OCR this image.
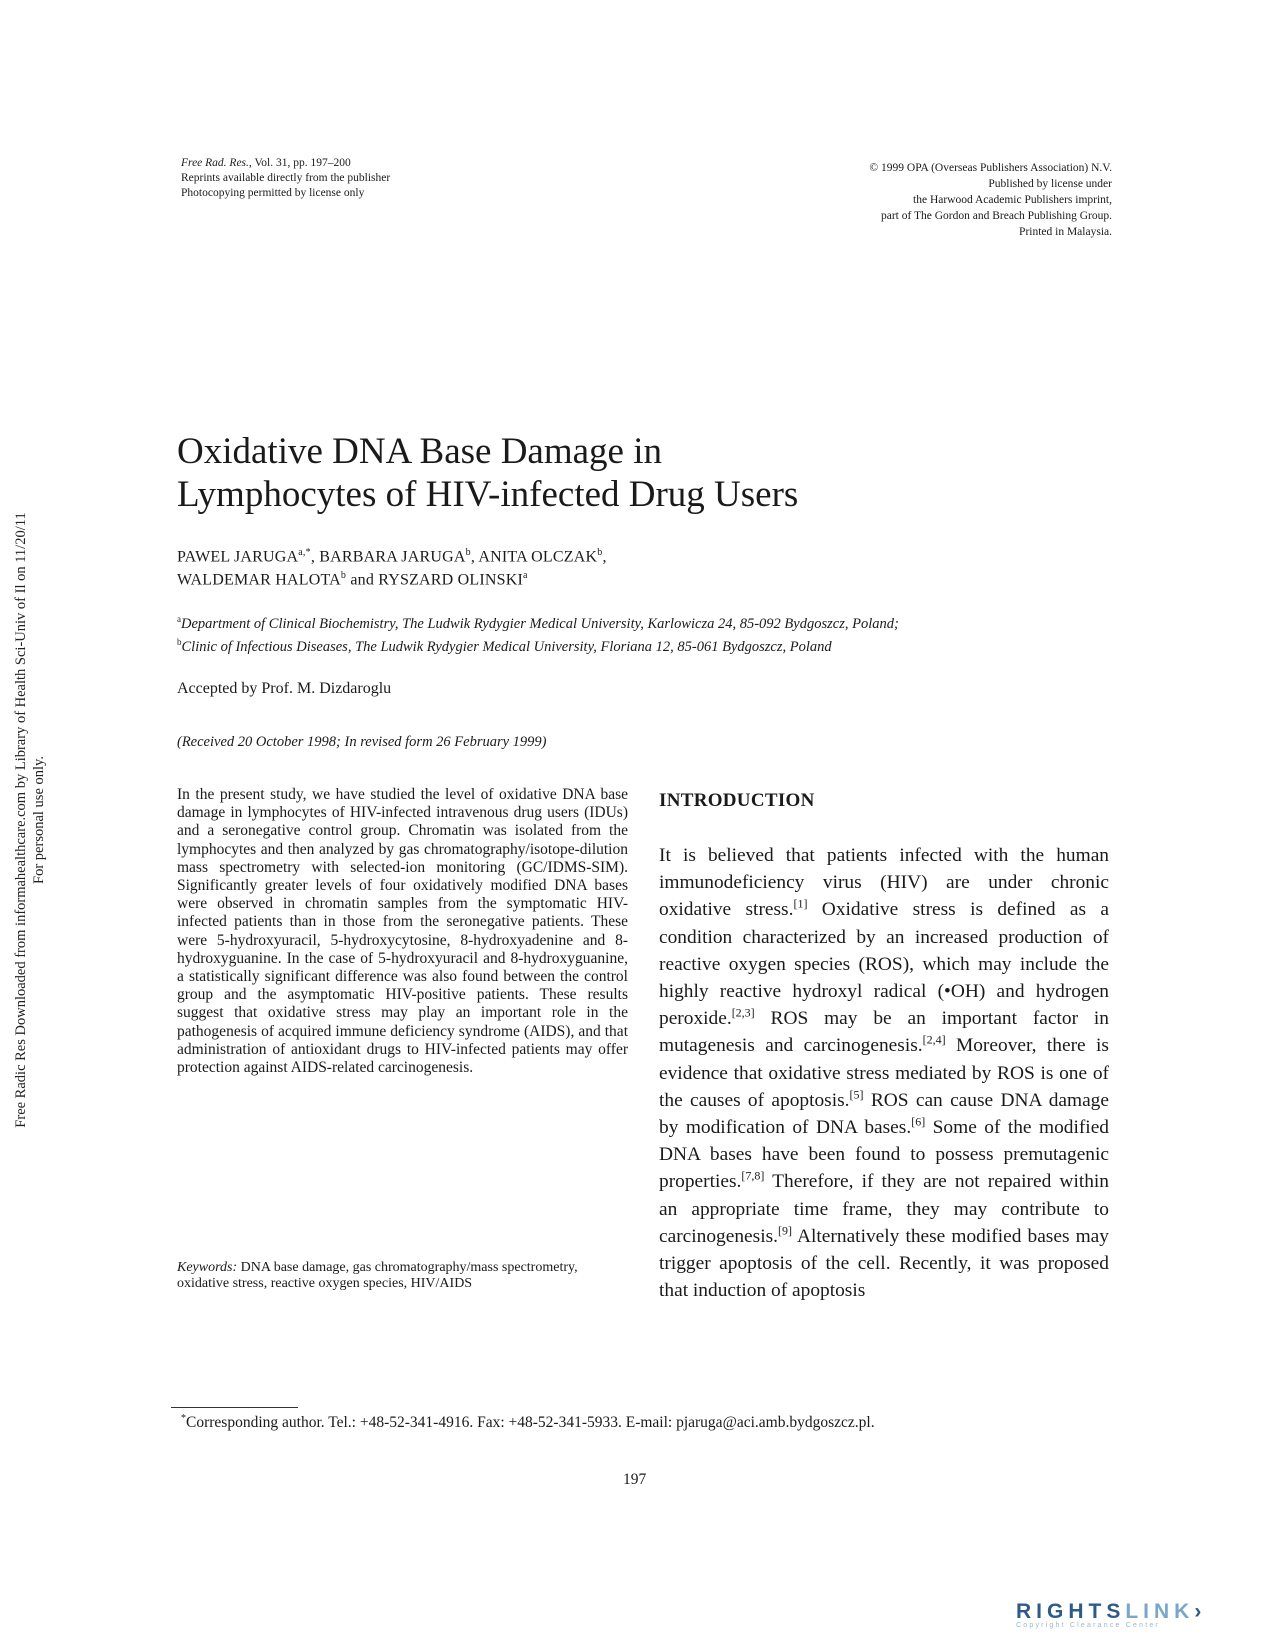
Free Rad. Res., Vol. 31, pp. 197–200
Reprints available directly from the publisher
Photocopying permitted by license only
© 1999 OPA (Overseas Publishers Association) N.V.
Published by license under
the Harwood Academic Publishers imprint,
part of The Gordon and Breach Publishing Group.
Printed in Malaysia.
Free Radic Res Downloaded from informahealthcare.com by Library of Health Sci-Univ of Il on 11/20/11 For personal use only.
Oxidative DNA Base Damage in
Lymphocytes of HIV-infected Drug Users
PAWEL $JARUGA^{a,*}$, BARBARA JARUGA$^b$, ANITA OLCZAK$^b$,
WALDEMAR HALOTA$^b$ and RYSZARD OLINSKI$^a$
$^a$Department of Clinical Biochemistry, The Ludwik Rydygier Medical University, Karlowicza 24, 85-092 Bydgoszcz, Poland;
$^b$Clinic of Infectious Diseases, The Ludwik Rydygier Medical University, Floriana 12, 85-061 Bydgoszcz, Poland
Accepted by Prof. M. Dizdaroglu
(Received 20 October 1998; In revised form 26 February 1999)

In the present study, we have studied the level of oxidative DNA base damage in lymphocytes of HIV-infected intravenous drug users (IDUs) and a seronegative control group. Chromatin was isolated from the lymphocytes and then analyzed by gas chromatography/isotope-dilution mass spectrometry with selected-ion monitoring (GC/IDMS-SIM). Significantly greater levels of four oxidatively modified DNA bases were observed in chromatin samples from the symptomatic HIV-infected patients than in those from the seronegative patients. These were 5-hydroxyuracil, 5-hydroxycytosine, 8-hydroxyadenine and 8-hydroxyguanine. In the case of 5-hydroxyuracil and 8-hydroxyguanine, a statistically significant difference was also found between the control group and the asymptomatic HIV-positive patients. These results suggest that oxidative stress may play an important role in the pathogenesis of acquired immune deficiency syndrome (AIDS), and that administration of antioxidant drugs to HIV-infected patients may offer protection against AIDS-related carcinogenesis.

Keywords: DNA base damage, gas chromatography/mass spectrometry, oxidative stress, reactive oxygen species, HIV/AIDS

INTRODUCTION

It is believed that patients infected with the human immunodeficiency virus (HIV) are under chronic oxidative stress.[1] Oxidative stress is defined as a condition characterized by an increased production of reactive oxygen species (ROS), which may include the highly reactive hydroxyl radical (•OH) and hydrogen peroxide.[2,3] ROS may be an important factor in mutagenesis and carcinogenesis.[2,4] Moreover, there is evidence that oxidative stress mediated by ROS is one of the causes of apoptosis.[5] ROS can cause DNA damage by modification of DNA bases.[6] Some of the modified DNA bases have been found to possess premutagenic properties.[7,8] Therefore, if they are not repaired within an appropriate time frame, they may contribute to carcinogenesis.[9] Alternatively these modified bases may trigger apoptosis of the cell. Recently, it was proposed that induction of apoptosis

*Corresponding author. Tel.: +48-52-341-4916. Fax: +48-52-341-5933. E-mail: pjaruga@aci.amb.bydgoszcz.pl.
197
RIGHTSLINK›
Copyright Clearance Center
